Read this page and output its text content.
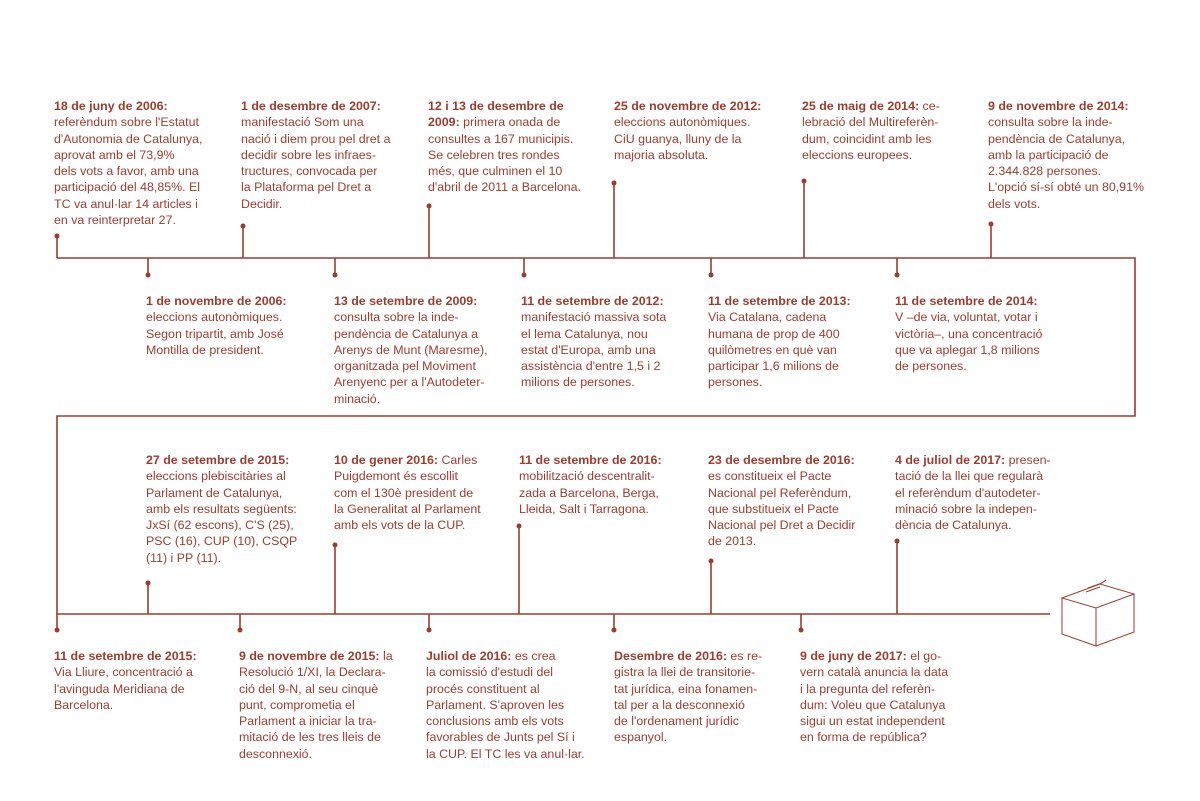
18 de juny de 2006:
referèndum sobre l'Estatut
d'Autonomia de Catalunya, aprovat amb el 73,9%
dels vots a favor, amb una
participació del 48,85%. El
TC va anul·lar 14 articles i
en va reinterpretar 27.
1 de desembre de 2007:
manifestació Som una
nació i diem prou pel dret a
decidir sobre les infraes-
tructures, convocada per
la Plataforma pel Dret a
Decidir.
12 i 13 de desembre de
2009: primera onada de
consultes a 167 municipis.
Se celebren tres rondes
més, que culminen el 10
d'abril de 2011 a Barcelona.
25 de novembre de 2012:
eleccions autonòmiques.
CiU guanya, lluny de la
majoria absoluta.
25 de maig de 2014: ce-
lebració del Multireferèn-
dum, coincidint amb les
eleccions europees.
9 de novembre de 2014:
consulta sobre la inde-
pendència de Catalunya,
amb la participació de
2.344.828 persones.
L'opció sí-sí obté un 80,91%
dels vots.
1 de novembre de 2006:
eleccions autonòmiques.
Segon tripartit, amb José
Montilla de president.
13 de setembre de 2009:
consulta sobre la inde-
pendència de Catalunya a
Arenys de Munt (Maresme),
organitzada pel Moviment
Arenyenc per a l'Autodeter-
minació.
11 de setembre de 2012:
manifestació massiva sota
el lema Catalunya, nou
estat d'Europa, amb una
assistència d'entre 1,5 i 2
milions de persones.
11 de setembre de 2013:
Via Catalana, cadena
humana de prop de 400
quilòmetres en què van
participar 1,6 milions de
persones.
11 de setembre de 2014:
V –de via, voluntat, votar i
victòria–, una concentració
que va aplegar 1,8 milions
de persones.
27 de setembre de 2015:
eleccions plebiscitàries al
Parlament de Catalunya,
amb els resultats següents:
JxSí (62 escons), C'S (25),
PSC (16), CUP (10), CSQP
(11) i PP (11).
10 de gener 2016: Carles
Puigdemont és escollit
com el 130è president de
la Generalitat al Parlament
amb els vots de la CUP.
11 de setembre de 2016:
mobilització descentralit-
zada a Barcelona, Berga,
Lleida, Salt i Tarragona.
23 de desembre de 2016:
es constitueix el Pacte
Nacional pel Referèndum,
que substitueix el Pacte
Nacional pel Dret a Decidir
de 2013.
4 de juliol de 2017: presen-
tació de la llei que regularà
el referèndum d'autodeter-
minació sobre la indepen-
dència de Catalunya.
11 de setembre de 2015:
Via Lliure, concentració a
l'avinguda Meridiana de
Barcelona.
9 de novembre de 2015: la
Resolució 1/XI, la Declara-
ció del 9-N, al seu cinquè
punt, comprometia el
Parlament a iniciar la tra-
mitació de les tres lleis de
desconnexió.
Juliol de 2016: es crea
la comissió d'estudi del
procés constituent al
Parlament. S'aproven les
conclusions amb els vots
favorables de Junts pel Sí i
la CUP. El TC les va anul·lar.
Desembre de 2016: es re-
gistra la llei de transitorie-
tat jurídica, eina fonamen-
tal per a la desconnexió
de l'ordenament jurídic
espanyol.
9 de juny de 2017: el go-
vern català anuncia la data
i la pregunta del referèn-
dum: Voleu que Catalunya
sigui un estat independent
en forma de república?
